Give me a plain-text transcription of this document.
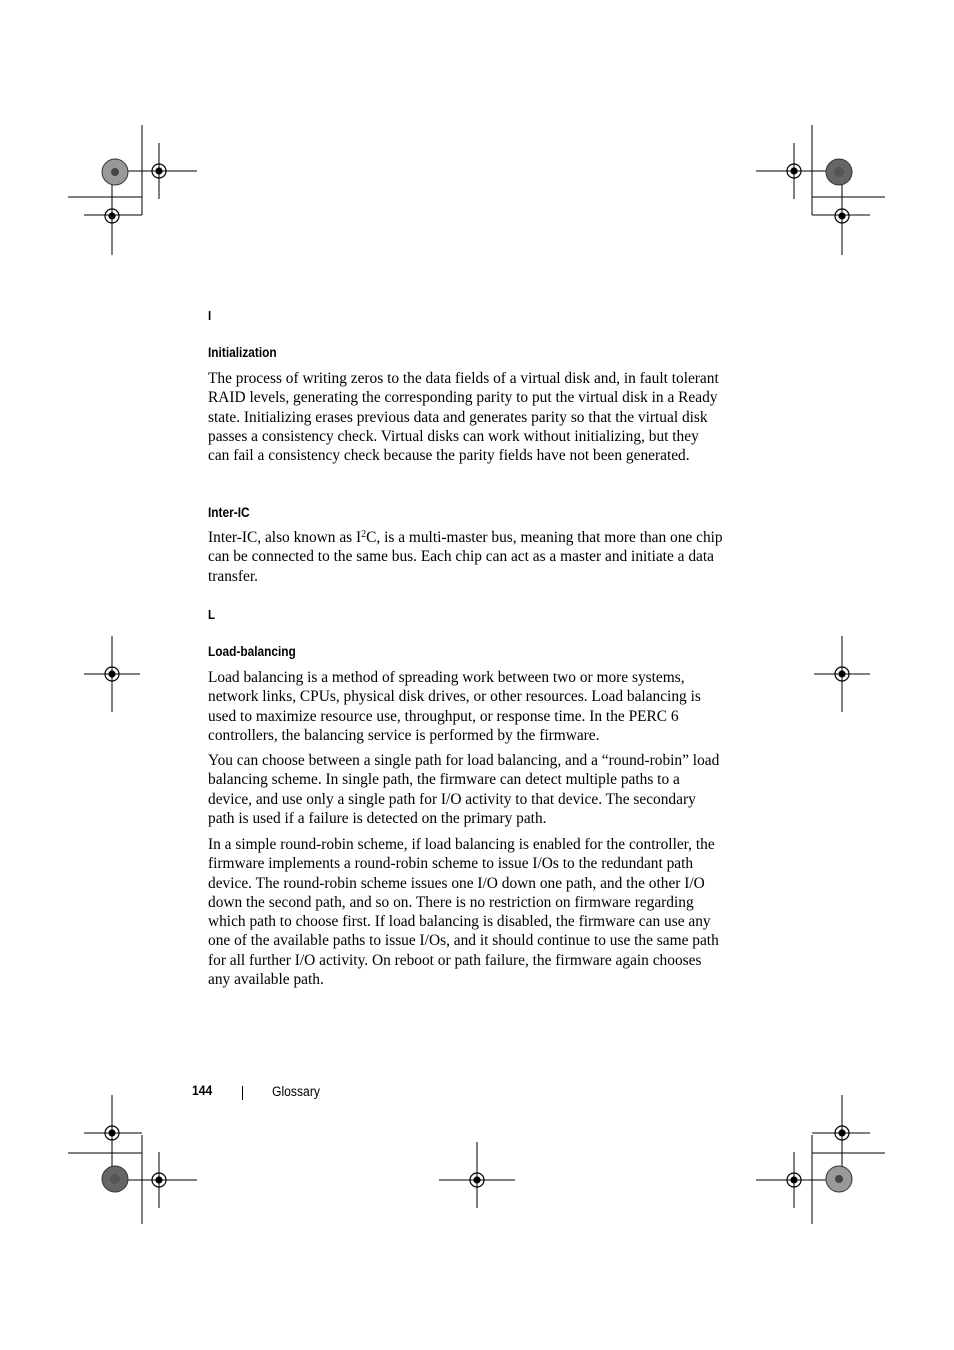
I
Initialization

The process of writing zeros to the data fields of a virtual disk and, in fault tolerant RAID levels, generating the corresponding parity to put the virtual disk in a Ready state. Initializing erases previous data and generates parity so that the virtual disk passes a consistency check. Virtual disks can work without initializing, but they can fail a consistency check because the parity fields have not been generated.

Inter-IC

Inter-IC, also known as $I^2C$, is a multi-master bus, meaning that more than one chip can be connected to the same bus. Each chip can act as a master and initiate a data transfer.

L
Load-balancing

Load balancing is a method of spreading work between two or more systems, network links, CPUs, physical disk drives, or other resources. Load balancing is used to maximize resource use, throughput, or response time. In the PERC 6 controllers, the balancing service is performed by the firmware.

You can choose between a single path for load balancing, and a “round-robin” load balancing scheme. In single path, the firmware can detect multiple paths to a device, and use only a single path for I/O activity to that device. The secondary path is used if a failure is detected on the primary path.

In a simple round-robin scheme, if load balancing is enabled for the controller, the firmware implements a round-robin scheme to issue I/Os to the redundant path device. The round-robin scheme issues one I/O down one path, and the other I/O down the second path, and so on. There is no restriction on firmware regarding which path to choose first. If load balancing is disabled, the firmware can use any one of the available paths to issue I/Os, and it should continue to use the same path for all further I/O activity. On reboot or path failure, the firmware again chooses any available path.

144	Glossary
